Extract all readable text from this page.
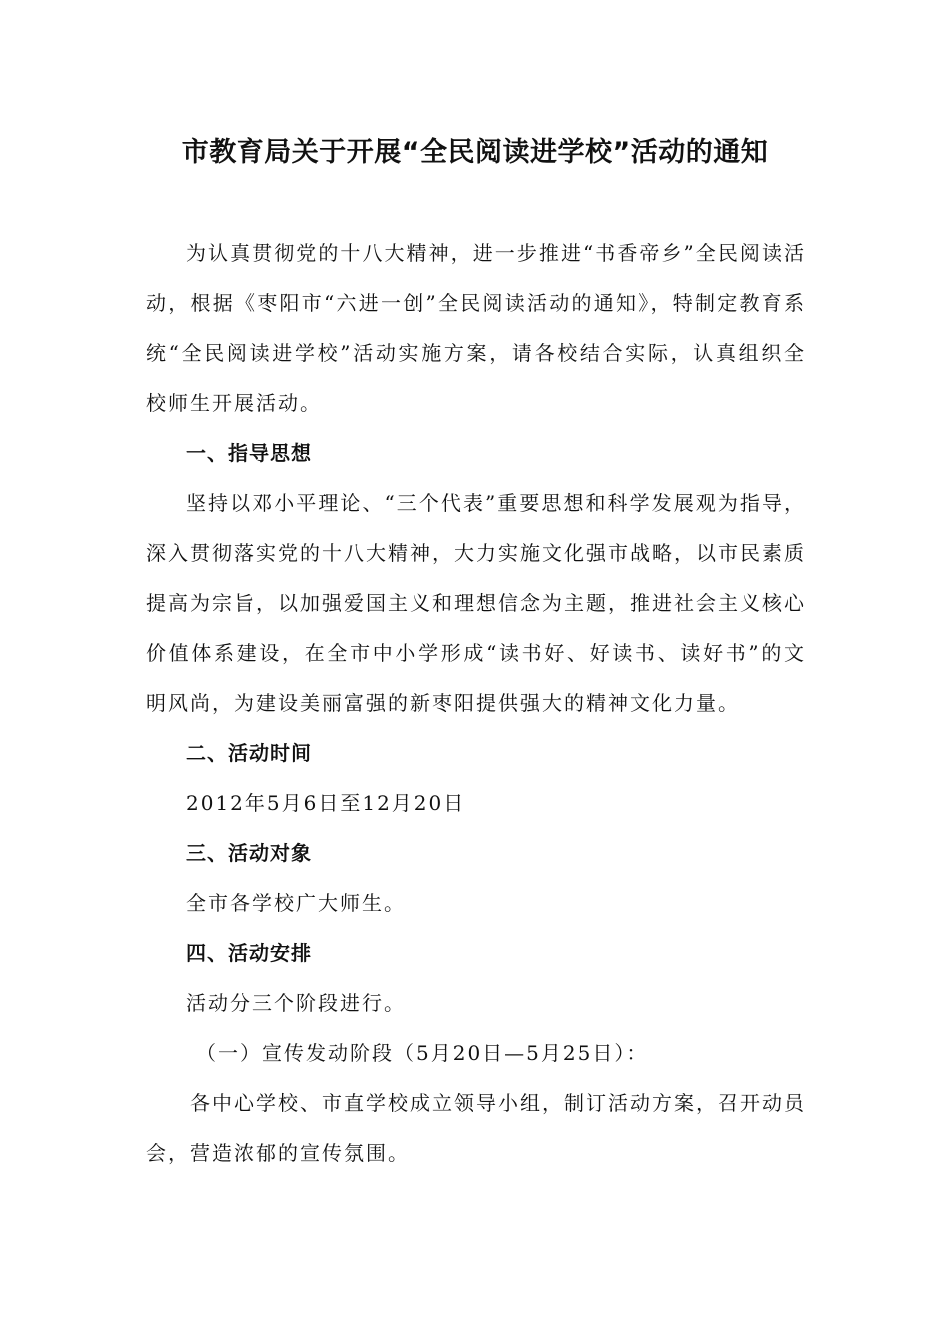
市教育局关于开展“全民阅读进学校”活动的通知

为认真贯彻党的十八大精神，进一步推进“书香帝乡”全民阅读活动，根据《枣阳市“六进一创”全民阅读活动的通知》，特制定教育系统“全民阅读进学校”活动实施方案，请各校结合实际，认真组织全校师生开展活动。

一、指导思想

坚持以邓小平理论、“三个代表”重要思想和科学发展观为指导，深入贯彻落实党的十八大精神，大力实施文化强市战略，以市民素质提高为宗旨，以加强爱国主义和理想信念为主题，推进社会主义核心价值体系建设，在全市中小学形成“读书好、好读书、读好书”的文明风尚，为建设美丽富强的新枣阳提供强大的精神文化力量。

二、活动时间

2012年5月6日至12月20日

三、活动对象

全市各学校广大师生。

四、活动安排

活动分三个阶段进行。

（一）宣传发动阶段（5月20日—5月25日）：

各中心学校、市直学校成立领导小组，制订活动方案，召开动员会，营造浓郁的宣传氛围。
